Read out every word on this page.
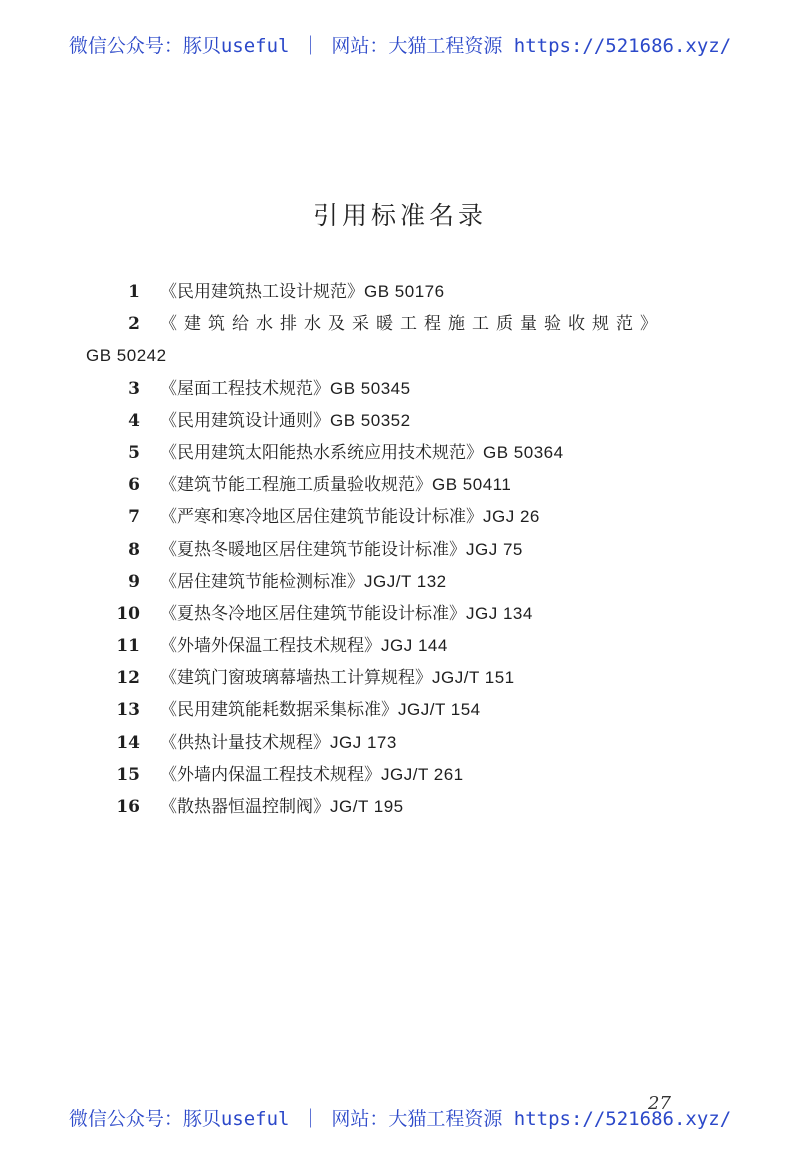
微信公众号：豚贝useful ｜ 网站：大猫工程资源 https://521686.xyz/
引用标准名录
1 《民用建筑热工设计规范》GB 50176
2 《建筑给水排水及采暖工程施工质量验收规范》
GB 50242
3 《屋面工程技术规范》GB 50345
4 《民用建筑设计通则》GB 50352
5 《民用建筑太阳能热水系统应用技术规范》GB 50364
6 《建筑节能工程施工质量验收规范》GB 50411
7 《严寒和寒冷地区居住建筑节能设计标准》JGJ 26
8 《夏热冬暖地区居住建筑节能设计标准》JGJ 75
9 《居住建筑节能检测标准》JGJ/T 132
10 《夏热冬冷地区居住建筑节能设计标准》JGJ 134
11 《外墙外保温工程技术规程》JGJ 144
12 《建筑门窗玻璃幕墙热工计算规程》JGJ/T 151
13 《民用建筑能耗数据采集标准》JGJ/T 154
14 《供热计量技术规程》JGJ 173
15 《外墙内保温工程技术规程》JGJ/T 261
16 《散热器恒温控制阀》JG/T 195
27
微信公众号：豚贝useful ｜ 网站：大猫工程资源 https://521686.xyz/
